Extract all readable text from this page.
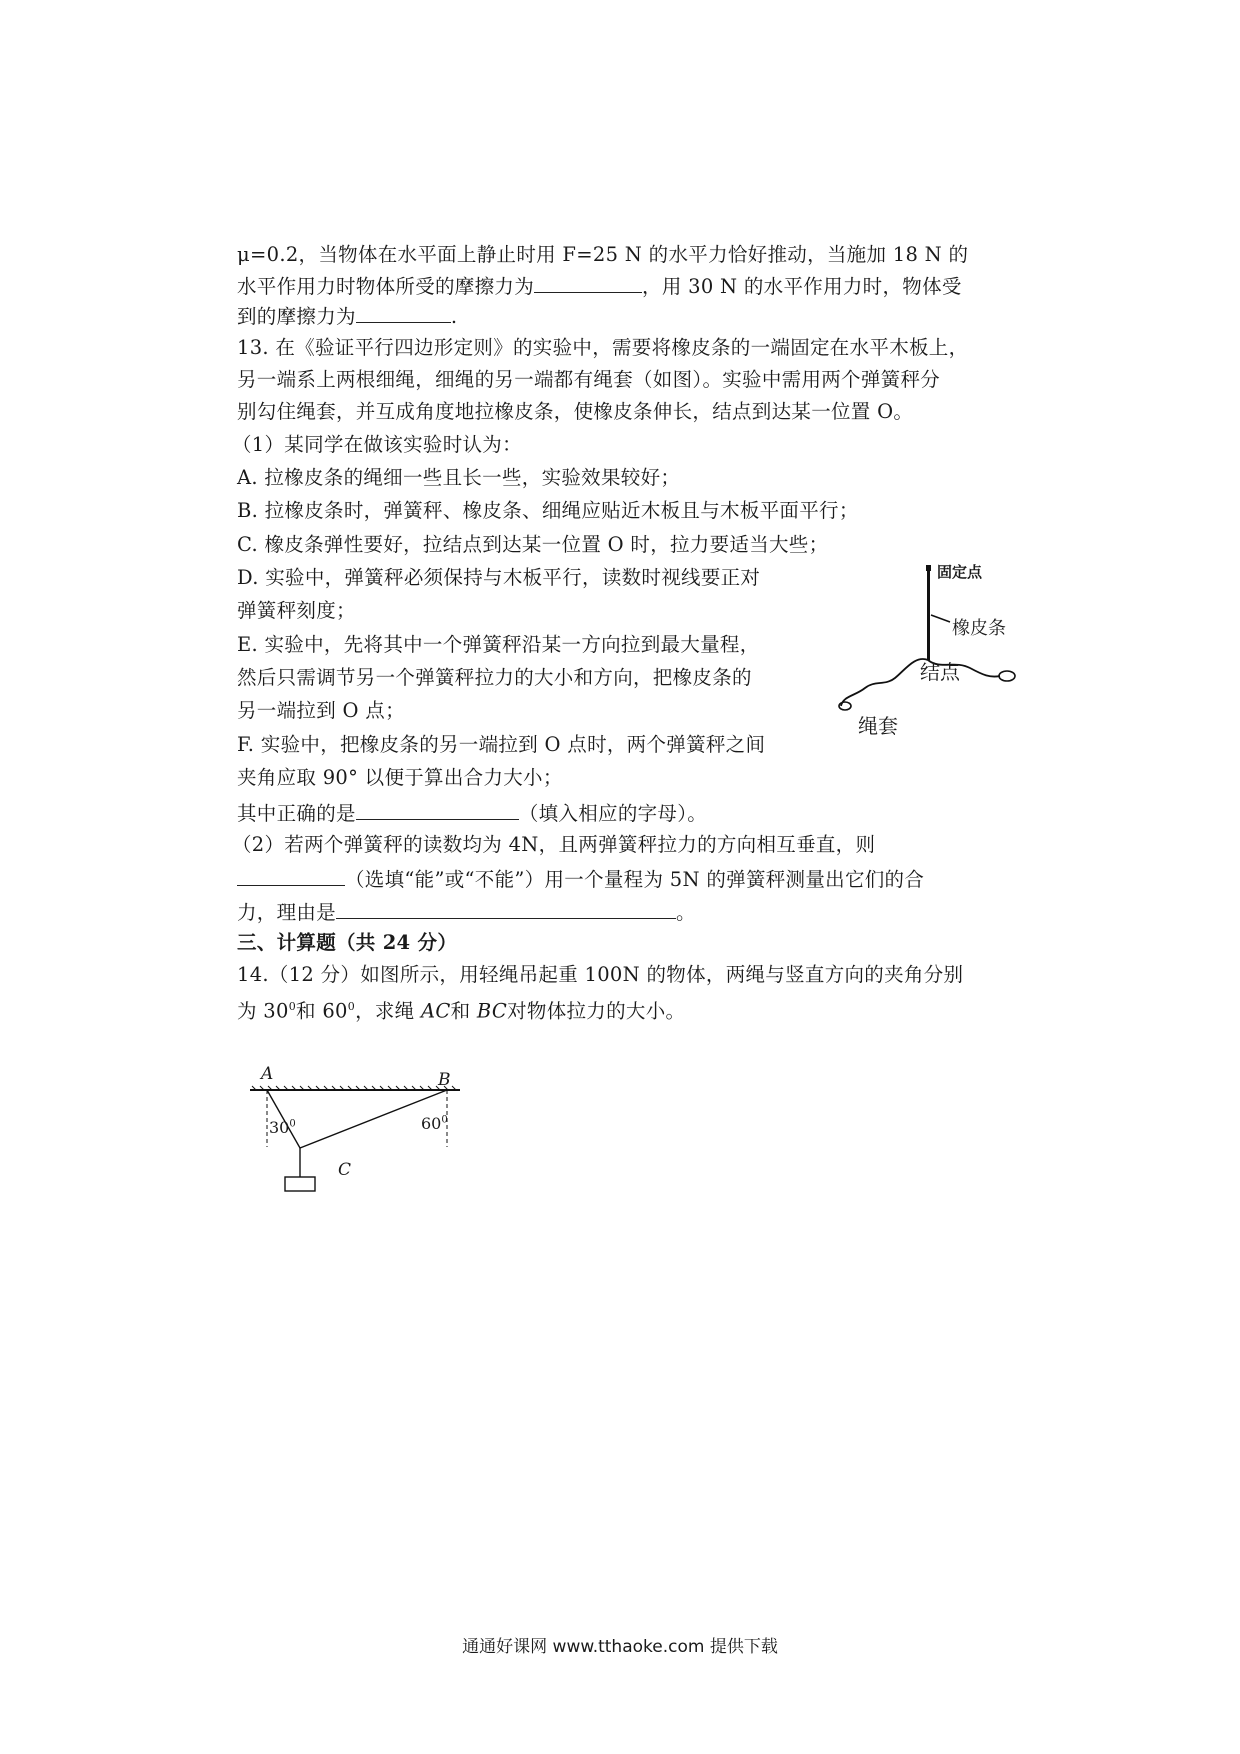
μ=0.2，当物体在水平面上静止时用 F=25 N 的水平力恰好推动，当施加 18 N 的
水平作用力时物体所受的摩擦力为	，用 30 N 的水平作用力时，物体受
到的摩擦力为	.
13. 在《验证平行四边形定则》的实验中，需要将橡皮条的一端固定在水平木板上，
另一端系上两根细绳，细绳的另一端都有绳套（如图）。实验中需用两个弹簧秤分
别勾住绳套，并互成角度地拉橡皮条，使橡皮条伸长，结点到达某一位置 O。
（1）某同学在做该实验时认为：
A. 拉橡皮条的绳细一些且长一些，实验效果较好；
B. 拉橡皮条时，弹簧秤、橡皮条、细绳应贴近木板且与木板平面平行；
C. 橡皮条弹性要好，拉结点到达某一位置 O 时，拉力要适当大些；
D. 实验中，弹簧秤必须保持与木板平行，读数时视线要正对
弹簧秤刻度；
E. 实验中，先将其中一个弹簧秤沿某一方向拉到最大量程，
然后只需调节另一个弹簧秤拉力的大小和方向，把橡皮条的
另一端拉到 O 点；
F. 实验中，把橡皮条的另一端拉到 O 点时，两个弹簧秤之间
夹角应取 90° 以便于算出合力大小；
其中正确的是	（填入相应的字母）。
（2）若两个弹簧秤的读数均为 4N，且两弹簧秤拉力的方向相互垂直，则
（选填“能”或“不能”）用一个量程为 5N 的弹簧秤测量出它们的合
力，理由是	。
固定点
橡皮条
结点
绳套
三、计算题（共 24 分）
14.（12 分）如图所示，用轻绳吊起重 100N 的物体，两绳与竖直方向的夹角分别
为 $30^0$和 $60^0$，求绳 AC和 BC对物体拉力的大小。
A	B
C
$30^0$	$60^0$
通通好课网 www.tthaoke.com 提供下载
